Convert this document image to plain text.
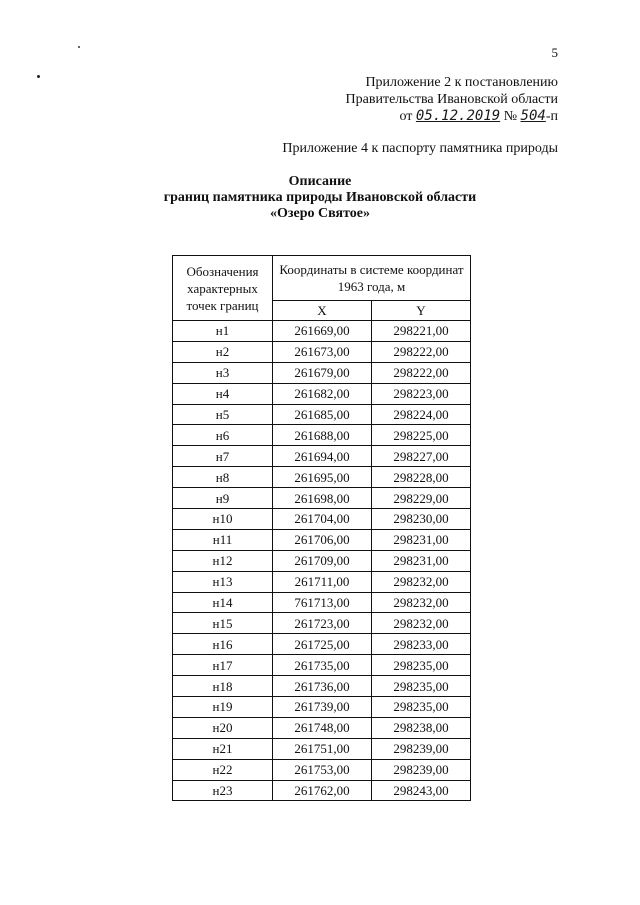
5
Приложение 2 к постановлению
Правительства Ивановской области
от 05.12.2019 № 504-п
Приложение 4 к паспорту памятника природы
Описание
границ памятника природы Ивановской области
«Озеро Святое»
Обозначения характерных точек границ	Координаты в системе координат 1963 года, м	
	X	Y
н1	261669,00	298221,00
н2	261673,00	298222,00
н3	261679,00	298222,00
н4	261682,00	298223,00
н5	261685,00	298224,00
н6	261688,00	298225,00
н7	261694,00	298227,00
н8	261695,00	298228,00
н9	261698,00	298229,00
н10	261704,00	298230,00
н11	261706,00	298231,00
н12	261709,00	298231,00
н13	261711,00	298232,00
н14	761713,00	298232,00
н15	261723,00	298232,00
н16	261725,00	298233,00
н17	261735,00	298235,00
н18	261736,00	298235,00
н19	261739,00	298235,00
н20	261748,00	298238,00
н21	261751,00	298239,00
н22	261753,00	298239,00
н23	261762,00	298243,00
